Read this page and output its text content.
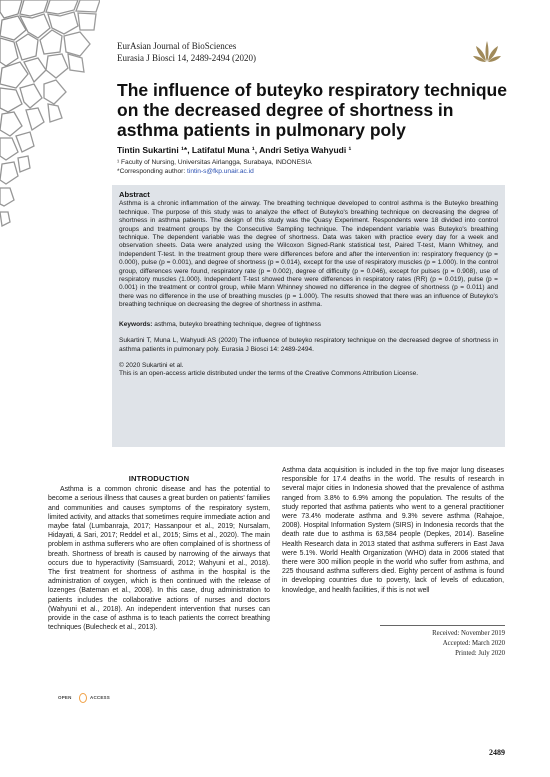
EurAsian Journal of BioSciences
Eurasia J Biosci 14, 2489-2494 (2020)
The influence of buteyko respiratory technique on the decreased degree of shortness in asthma patients in pulmonary poly
Tintin Sukartini ¹*, Latifatul Muna ¹, Andri Setiya Wahyudi ¹
¹ Faculty of Nursing, Universitas Airlangga, Surabaya, INDONESIA
*Corresponding author: tintin-s@fkp.unair.ac.id
Abstract

Asthma is a chronic inflammation of the airway. The breathing technique developed to control asthma is the Buteyko breathing technique. The purpose of this study was to analyze the effect of Buteyko's breathing technique on decreasing the degree of shortness in asthma patients. The design of this study was the Quasy Experiment. Respondents were 18 divided into control groups and treatment groups by the Consecutive Sampling technique. The independent variable was Buteyko's breathing technique. The dependent variable was the degree of shortness. Data was taken with practice every day for a week and observation sheets. Data were analyzed using the Wilcoxon Signed-Rank statistical test, Paired T-test, Mann Whitney, and Independent T-test. In the treatment group there were differences before and after the intervention in: respiratory frequency (p = 0.000), pulse (p = 0.001), and degree of shortness (p = 0.014), except for the use of respiratory muscles (p = 1.000). In the control group, differences were found, respiratory rate (p = 0.002), degree of difficulty (p = 0.046), except for pulses (p = 0.908), use of respiratory muscles (1.000). Independent T-test showed there were differences in respiratory rates (RR) (p = 0.019), pulse (p = 0.001) in the treatment or control group, while Mann Whinney showed no difference in the degree of shortness (p = 0.011) and there was no difference in the use of breathing muscles (p = 1.000). The results showed that there was an influence of Buteyko's breathing technique on decreasing the degree of shortness in asthma.

Keywords: asthma, buteyko breathing technique, degree of tightness

Sukartini T, Muna L, Wahyudi AS (2020) The influence of buteyko respiratory technique on the decreased degree of shortness in asthma patients in pulmonary poly. Eurasia J Biosci 14: 2489-2494.

© 2020 Sukartini et al.

This is an open-access article distributed under the terms of the Creative Commons Attribution License.

INTRODUCTION

Asthma is a common chronic disease and has the potential to become a serious illness that causes a great burden on patients' families and communities and causes symptoms of the respiratory system, limited activity, and attacks that sometimes require immediate action and maybe fatal (Lumbanraja, 2017; Hassanpour et al., 2019; Nursalam, Hidayati, & Sari, 2017; Reddel et al., 2015; Sims et al., 2020). The main problem in asthma sufferers who are often complained of is shortness of breath. Shortness of breath is caused by narrowing of the airways that occurs due to hyperactivity (Samsuardi, 2012; Wahyuni et al., 2018). The first treatment for shortness of asthma in the hospital is the administration of oxygen, which is then continued with the release of lozenges (Bateman et al., 2008). In this case, drug administration to patients includes the collaborative actions of nurses and doctors (Wahyuni et al., 2018). An independent intervention that nurses can provide in the case of asthma is to teach patients the correct breathing techniques (Bulecheck et al., 2013).

Asthma data acquisition is included in the top five major lung diseases responsible for 17.4 deaths in the world. The results of research in several major cities in Indonesia showed that the prevalence of asthma ranged from 3.8% to 6.9% among the population. The results of the study reported that asthma patients who went to a general practitioner were 73.4% moderate asthma and 9.3% severe asthma (Rahajoe, 2008). Hospital Information System (SIRS) in Indonesia records that the death rate due to asthma is 63,584 people (Depkes, 2014). Baseline Health Research data in 2013 stated that asthma sufferers in East Java were 5.1%. World Health Organization (WHO) data in 2006 stated that there were 300 million people in the world who suffer from asthma, and 225 thousand asthma sufferers died. Eighty percent of asthma is found in developing countries due to poverty, lack of levels of education, knowledge, and health facilities, if this is not well

Received: November 2019
Accepted: March 2020
Printed: July 2020
OPEN	ACCESS
2489
